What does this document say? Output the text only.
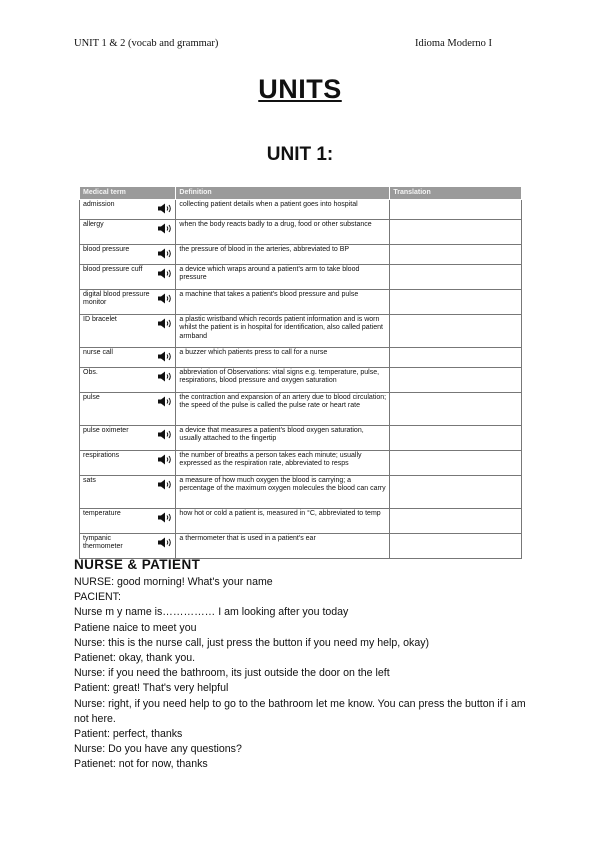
UNIT 1 & 2 (vocab and grammar)	Idioma Moderno I
UNITS
UNIT 1:
Medical term	Definition	Translation

admission	collecting patient details when a patient goes into hospital	

allergy	when the body reacts badly to a drug, food or other substance	

blood pressure	the pressure of blood in the arteries, abbreviated to BP	

blood pressure cuff	a device which wraps around a patient's arm to take blood pressure	

digital blood pressure monitor	a machine that takes a patient's blood pressure and pulse	

ID bracelet	a plastic wristband which records patient information and is worn whilst the patient is in hospital for identification, also called patient armband	

nurse call	a buzzer which patients press to call for a nurse	

Obs.	abbreviation of Observations: vital signs e.g. temperature, pulse, respirations, blood pressure and oxygen saturation	

pulse	the contraction and expansion of an artery due to blood circulation; the speed of the pulse is called the pulse rate or heart rate	

pulse oximeter	a device that measures a patient's blood oxygen saturation, usually attached to the fingertip	

respirations	the number of breaths a person takes each minute; usually expressed as the respiration rate, abbreviated to resps	

sats	a measure of how much oxygen the blood is carrying; a percentage of the maximum oxygen molecules the blood can carry	

temperature	how hot or cold a patient is, measured in °C, abbreviated to temp	

tympanic thermometer	a thermometer that is used in a patient's ear	
NURSE & PATIENT
NURSE: good morning! What's your name
PACIENT:
Nurse m y name is…………… I am looking after you today
Patiene naice to meet you
Nurse: this is the nurse call, just press the button if you need my help, okay)
Patienet: okay, thank you.
Nurse: if you need the bathroom, its just outside the door on the left
Patient: great! That's very helpful
Nurse: right, if you need help to go to the bathroom let me know. You can press the button if i am not here.
Patient: perfect, thanks
Nurse: Do you have any questions?
Patienet: not for now, thanks
